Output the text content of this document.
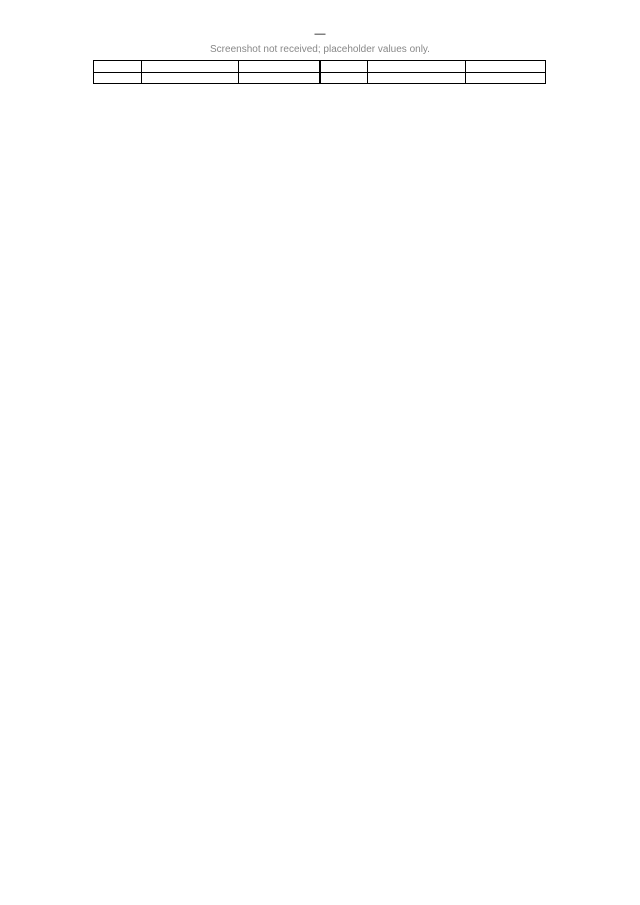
—
Screenshot not received; placeholder values only.
